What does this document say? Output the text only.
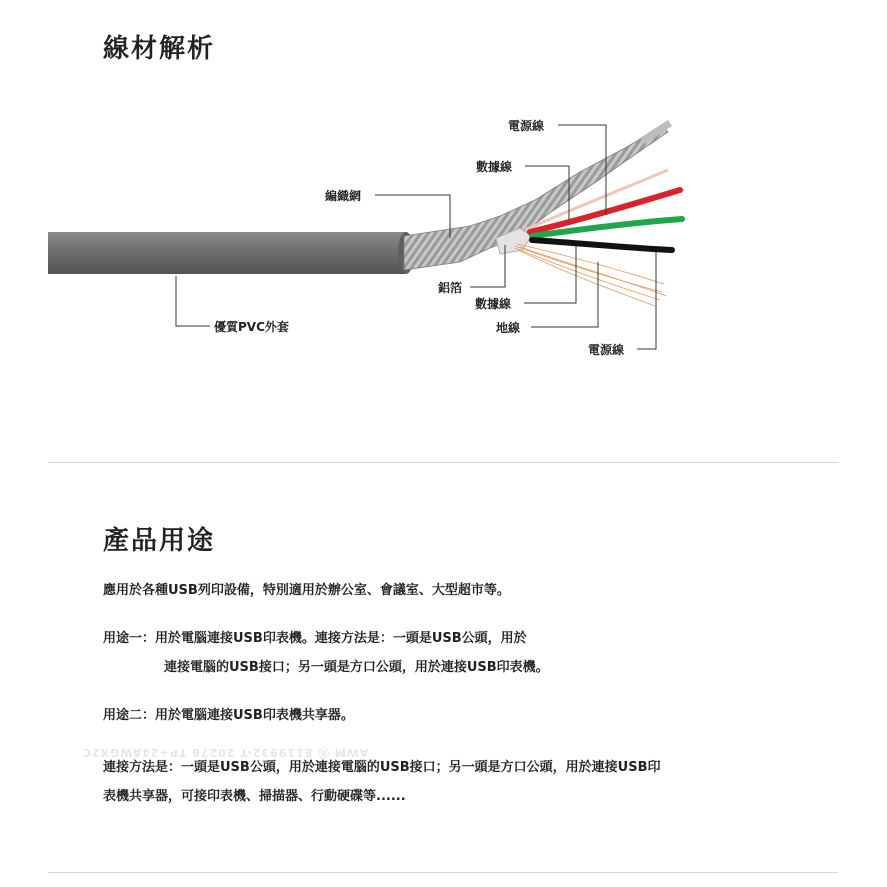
線材解析
AWM Ⓡ E119932-T 20276 TP+24AWGX2C
電源線
數據線
編織網
鋁箔
數據線
地線
電源線
優質PVC外套
產品用途
應用於各種USB列印設備，特別適用於辦公室、會議室、大型超市等。
用途一：用於電腦連接USB印表機。連接方法是：一頭是USB公頭，用於
連接電腦的USB接口；另一頭是方口公頭，用於連接USB印表機。
用途二：用於電腦連接USB印表機共享器。
連接方法是：一頭是USB公頭，用於連接電腦的USB接口；另一頭是方口公頭，用於連接USB印
表機共享器，可接印表機、掃描器、行動硬碟等......
